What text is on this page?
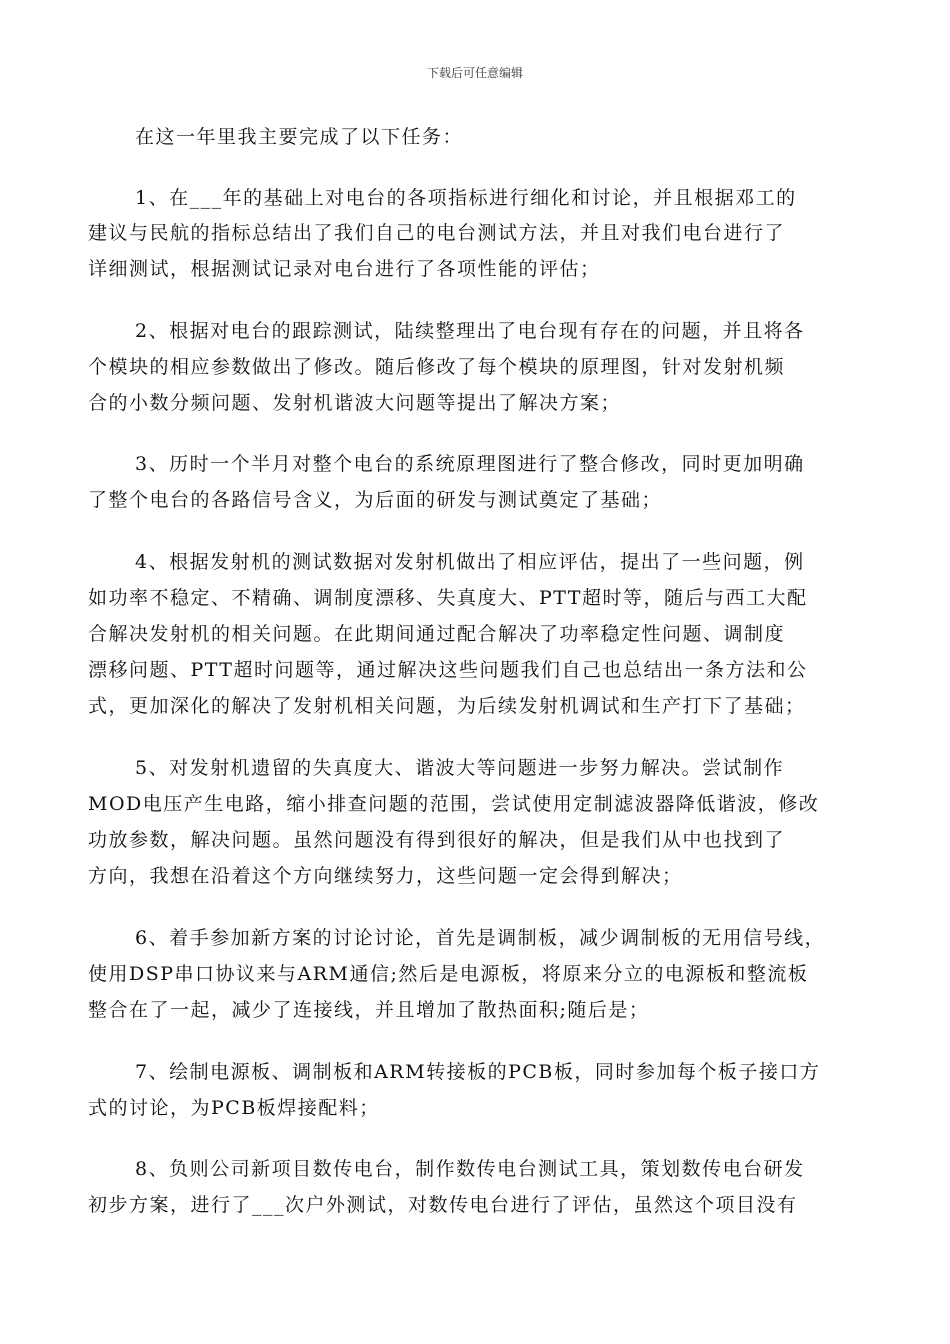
下载后可任意编辑
在这一年里我主要完成了以下任务：
1、在___年的基础上对电台的各项指标进行细化和讨论，并且根据邓工的
建议与民航的指标总结出了我们自己的电台测试方法，并且对我们电台进行了
详细测试，根据测试记录对电台进行了各项性能的评估；
2、根据对电台的跟踪测试，陆续整理出了电台现有存在的问题，并且将各
个模块的相应参数做出了修改。随后修改了每个模块的原理图，针对发射机频
合的小数分频问题、发射机谐波大问题等提出了解决方案；
3、历时一个半月对整个电台的系统原理图进行了整合修改，同时更加明确
了整个电台的各路信号含义，为后面的研发与测试奠定了基础；
4、根据发射机的测试数据对发射机做出了相应评估，提出了一些问题，例
如功率不稳定、不精确、调制度漂移、失真度大、PTT超时等，随后与西工大配
合解决发射机的相关问题。在此期间通过配合解决了功率稳定性问题、调制度
漂移问题、PTT超时问题等，通过解决这些问题我们自己也总结出一条方法和公
式，更加深化的解决了发射机相关问题，为后续发射机调试和生产打下了基础；
5、对发射机遗留的失真度大、谐波大等问题进一步努力解决。尝试制作
MOD电压产生电路，缩小排查问题的范围，尝试使用定制滤波器降低谐波，修改
功放参数，解决问题。虽然问题没有得到很好的解决，但是我们从中也找到了
方向，我想在沿着这个方向继续努力，这些问题一定会得到解决；
6、着手参加新方案的讨论讨论，首先是调制板，减少调制板的无用信号线，
使用DSP串口协议来与ARM通信;然后是电源板，将原来分立的电源板和整流板
整合在了一起，减少了连接线，并且增加了散热面积;随后是；
7、绘制电源板、调制板和ARM转接板的PCB板，同时参加每个板子接口方
式的讨论，为PCB板焊接配料；
8、负则公司新项目数传电台，制作数传电台测试工具，策划数传电台研发
初步方案，进行了___次户外测试，对数传电台进行了评估，虽然这个项目没有
